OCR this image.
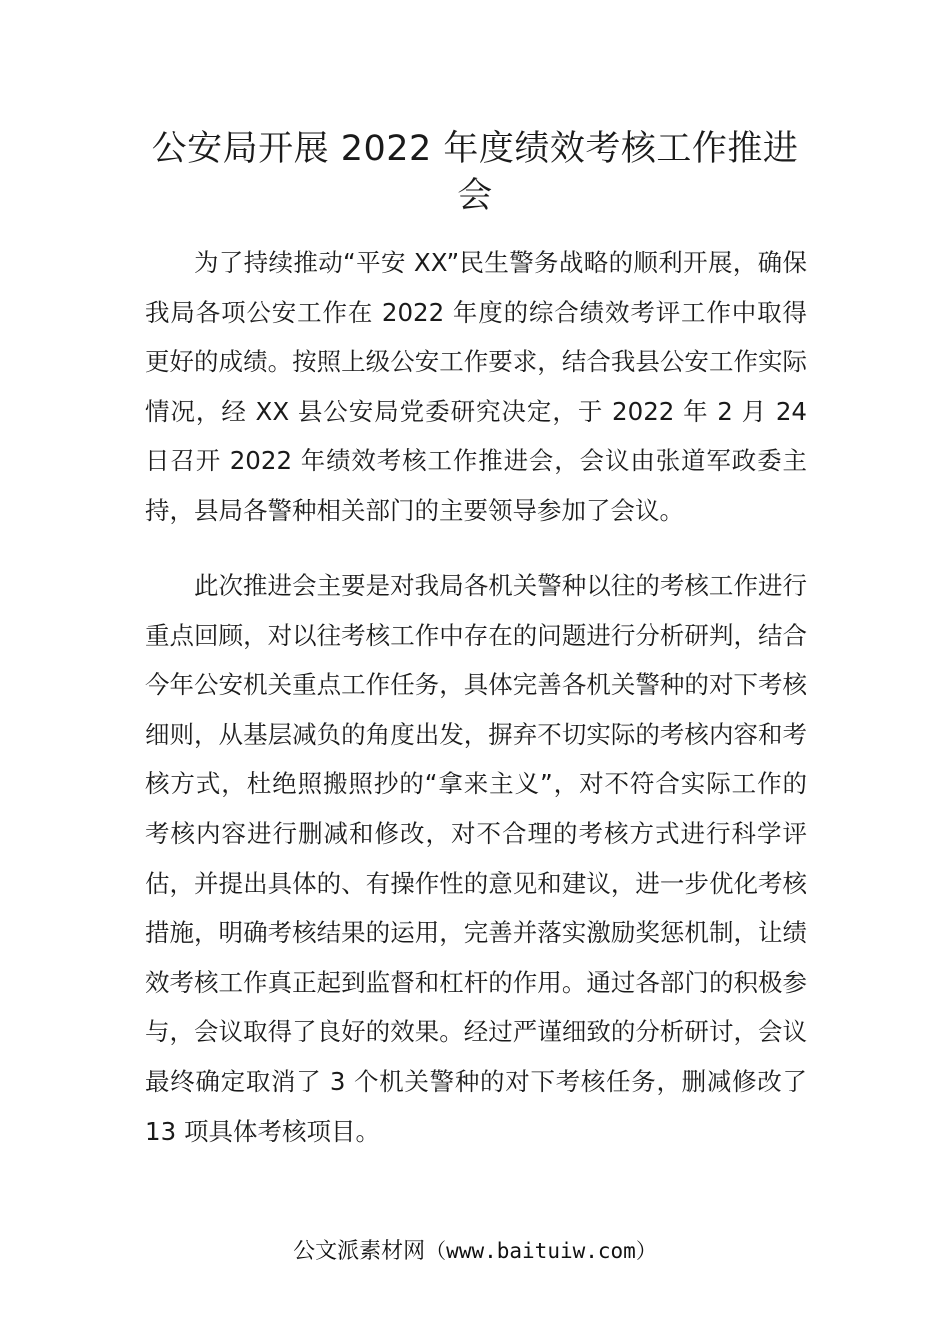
公安局开展 2022 年度绩效考核工作推进会

为了持续推动“平安 XX”民生警务战略的顺利开展，确保我局各项公安工作在 2022 年度的综合绩效考评工作中取得更好的成绩。按照上级公安工作要求，结合我县公安工作实际情况，经 XX 县公安局党委研究决定，于 2022 年 2 月 24 日召开 2022 年绩效考核工作推进会，会议由张道军政委主持，县局各警种相关部门的主要领导参加了会议。

此次推进会主要是对我局各机关警种以往的考核工作进行重点回顾，对以往考核工作中存在的问题进行分析研判，结合今年公安机关重点工作任务，具体完善各机关警种的对下考核细则，从基层减负的角度出发，摒弃不切实际的考核内容和考核方式，杜绝照搬照抄的“拿来主义”，对不符合实际工作的考核内容进行删减和修改，对不合理的考核方式进行科学评估，并提出具体的、有操作性的意见和建议，进一步优化考核措施，明确考核结果的运用，完善并落实激励奖惩机制，让绩效考核工作真正起到监督和杠杆的作用。通过各部门的积极参与，会议取得了良好的效果。经过严谨细致的分析研讨，会议最终确定取消了 3 个机关警种的对下考核任务，删减修改了 13 项具体考核项目。

公文派素材网（www.baituiw.com）
